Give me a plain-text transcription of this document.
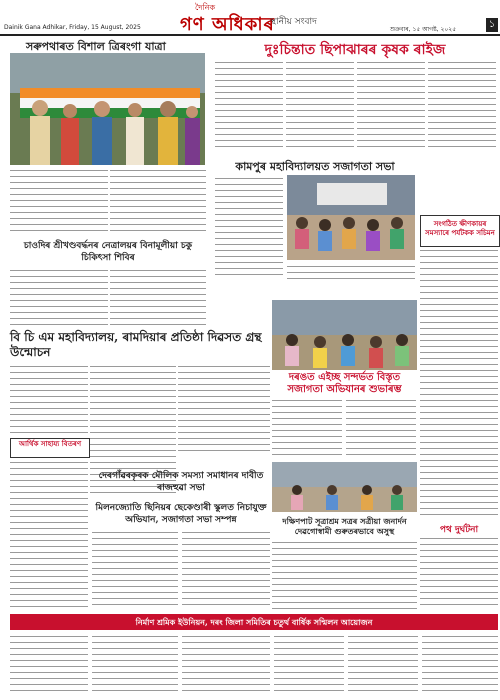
দৈনিক
গণ অধিকাৰ
স্থানীয় সংবাদ
Dainik Gana Adhikar, Friday, 15 August, 2025	শুক্ৰবাৰ, ১৫ আগষ্ট, ২০২৫	১
সৰুপথাৰত বিশাল ত্ৰিৰংগা যাত্ৰা	দুঃচিন্তাত ছিপাঝাৰৰ কৃষক ৰাইজ
কামপুৰ মহাবিদ্যালয়ত সজাগতা সভা
সংগঠিত ক্ষীণকায়ৰ সমস্যাৰে পৰ্যটকক সচিমন
চাওদিৰ শ্ৰীখণ্ডবৰ্দ্ধনৰ নেত্ৰালয়ৰ বিনামূলীয়া চকু চিকিৎসা শিবিৰ
বি চি এম মহাবিদ্যালয়, ৰামদিয়াৰ প্ৰতিষ্ঠা দিৱসত গ্ৰন্থ উন্মোচন
দৰঙত এইচ্ছ সন্দৰ্ভত বিস্তৃত সজাগতা অভিযানৰ শুভাৰম্ভ
আৰ্থিক সাহায্য বিতৰণ
দেৰগাঁৱৰকৃৰক মৌলিক সমস্যা সমাধানৰ দাবীত ৰাজহুৱা সভা
মিলনজ্যোতি ছিনিয়ৰ ছেকেণ্ডাৰী স্কুলত নিচাযুক্ত অভিযান, সজাগতা সভা সম্পন্ন
পথ দুৰ্ঘটনা
দক্ষিণপাট সূত্ৰাশ্ৰম সত্ৰৰ সত্ৰীয়া জনাৰ্দন দেৱগোস্বামী গুৰুতৰভাবে অসুস্থ
নিৰ্মাণ শ্ৰমিক ইউনিয়ন, দৰং জিলা সমিতিৰ চতুৰ্থ বাৰ্ষিক সন্মিলন আয়োজন
